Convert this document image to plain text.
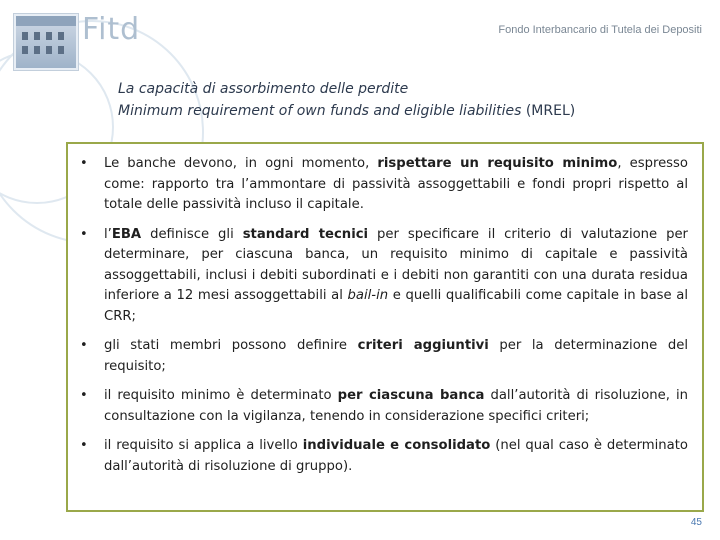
Fitd	Fondo Interbancario di Tutela dei Depositi
La capacità di assorbimento delle perdite
Minimum requirement of own funds and eligible liabilities (MREL)
• Le banche devono, in ogni momento, rispettare un requisito minimo, espresso come: rapporto tra l’ammontare di passività assoggettabili e fondi propri rispetto al totale delle passività incluso il capitale.
• l’EBA definisce gli standard tecnici per specificare il criterio di valutazione per determinare, per ciascuna banca, un requisito minimo di capitale e passività assoggettabili, inclusi i debiti subordinati e i debiti non garantiti con una durata residua inferiore a 12 mesi assoggettabili al bail-in e quelli qualificabili come capitale in base al CRR;
• gli stati membri possono definire criteri aggiuntivi per la determinazione del requisito;
• il requisito minimo è determinato per ciascuna banca dall’autorità di risoluzione, in consultazione con la vigilanza, tenendo in considerazione specifici criteri;
• il requisito si applica a livello individuale e consolidato (nel qual caso è determinato dall’autorità di risoluzione di gruppo).
45
